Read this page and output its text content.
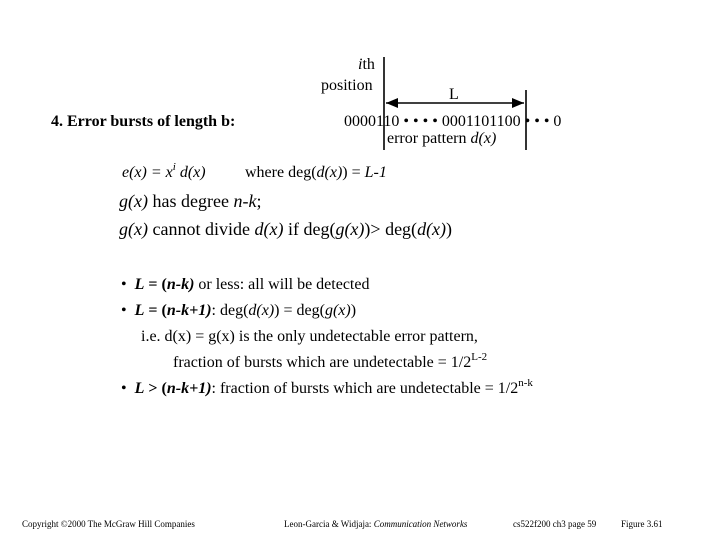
ith
position
L
4. Error bursts of length b:	0000110 • • • • 0001101100 • • • 0
error pattern d(x)
$e(x) = x^i$ d(x) where deg(d(x)) = L-1
g(x) has degree n-k;
g(x) cannot divide d(x) if deg(g(x))> deg(d(x))
• L = (n-k) or less: all will be detected
• L = (n-k+1): deg(d(x)) = deg(g(x))
i.e. d(x) = g(x) is the only undetectable error pattern,
fraction of bursts which are undetectable = $1/2^{L-2}$
• L > (n-k+1): fraction of bursts which are undetectable = $1/2^{n-k}$
Copyright ©2000 The McGraw Hill Companies	Leon-Garcia & Widjaja: Communication Networks	cs522f200 ch3 page 59	Figure 3.61
